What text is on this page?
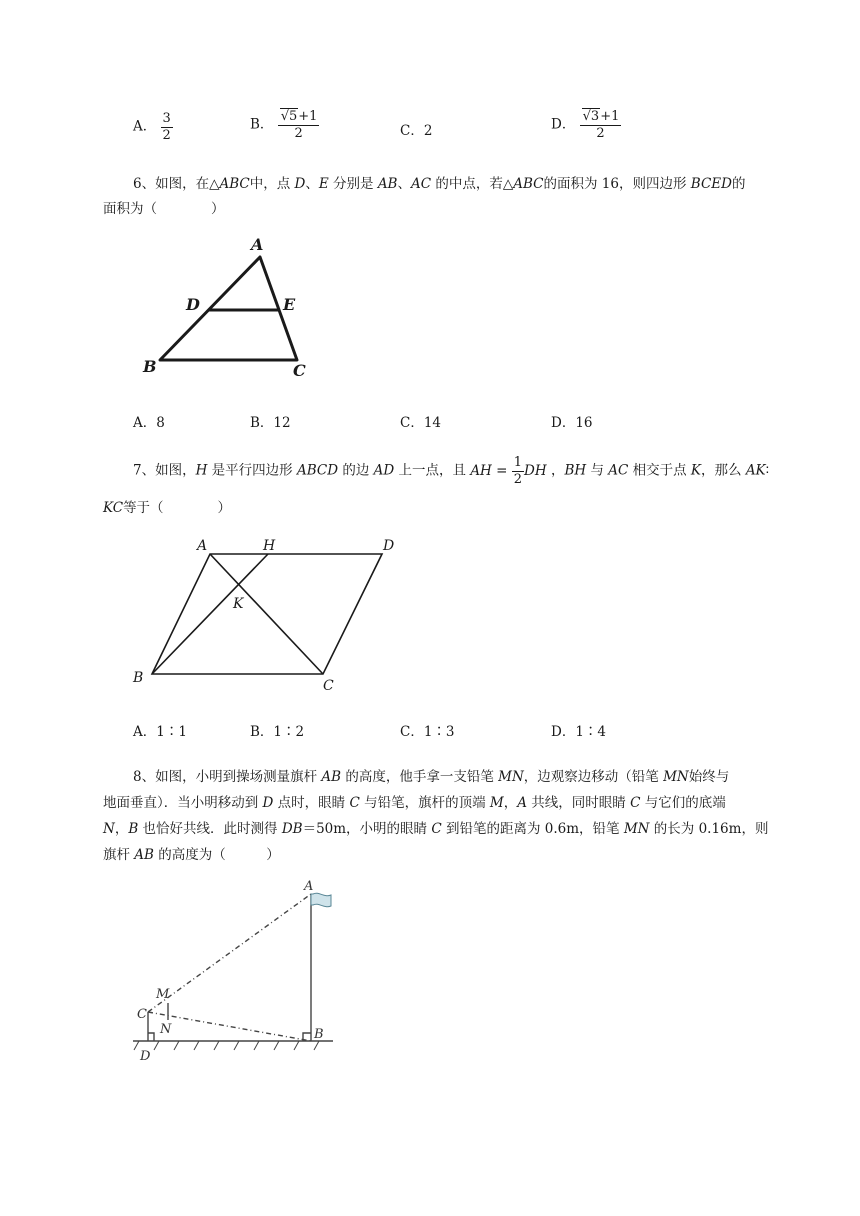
A． $\frac{3}{2}$	B． $\frac{√5+1}{2}$	C．2	D． $\frac{√3+1}{2}$
6、如图，在△ABC中，点 D、E 分别是 AB、AC 的中点，若△ABC的面积为 16，则四边形 BCED的
面积为（　　　　）
A
D	E
B	C
A．8	B．12	C．14	D．16
7、如图，H 是平行四边形 ABCD 的边 AD 上一点，且 AH
=
$\frac{1}{2}$ DH ，BH 与 AC 相交于点 K，那么 AK∶
KC等于（　　　　）
A	H	D
K
B	C
A．1∶1	B．1∶2	C．1∶3	D．1∶4
8、如图，小明到操场测量旗杆 AB 的高度，他手拿一支铅笔 MN，边观察边移动（铅笔 MN始终与
地面垂直）．当小明移动到 D 点时，眼睛 C 与铅笔，旗杆的顶端 M，A 共线，同时眼睛 C 与它们的底端
N，B 也恰好共线．此时测得 DB＝50m，小明的眼睛 C 到铅笔的距离为 0.6m，铅笔 MN 的长为 0.16m，则
旗杆 AB 的高度为（　　　）
A
M
C
N
D
B
